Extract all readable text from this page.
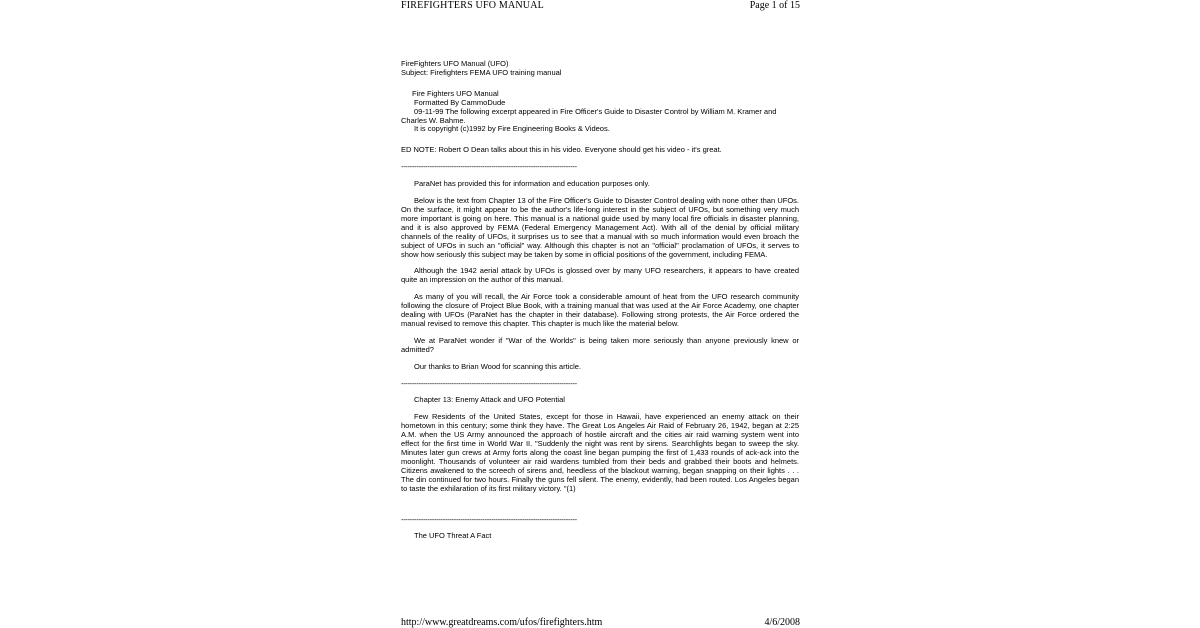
FIREFIGHTERS UFO MANUAL	Page 1 of 15

FireFighters UFO Manual (UFO)

Subject: Firefighters FEMA UFO training manual

Fire Fighters UFO Manual

Formatted By CammoDude

09-11-99 The following excerpt appeared in Fire Officer's Guide to Disaster Control by William M. Kramer and Charles W. Bahme.

It is copyright (c)1992 by Fire Engineering Books & Videos.

ED NOTE: Robert O Dean talks about this in his video. Everyone should get his video - it's great.

--------------------------------------------------------------------------------

ParaNet has provided this for information and education purposes only.

Below is the text from Chapter 13 of the Fire Officer's Guide to Disaster Control dealing with none other than UFOs. On the surface, it might appear to be the author's life-long interest in the subject of UFOs, but something very much more important is going on here. This manual is a national guide used by many local fire officials in disaster planning, and it is also approved by FEMA (Federal Emergency Management Act). With all of the denial by official military channels of the reality of UFOs, it surprises us to see that a manual with so much information would even broach the subject of UFOs in such an "official" way. Although this chapter is not an "official" proclamation of UFOs, it serves to show how seriously this subject may be taken by some in official positions of the government, including FEMA.

Although the 1942 aerial attack by UFOs is glossed over by many UFO researchers, it appears to have created quite an impression on the author of this manual.

As many of you will recall, the Air Force took a considerable amount of heat from the UFO research community following the closure of Project Blue Book, with a training manual that was used at the Air Force Academy, one chapter dealing with UFOs (ParaNet has the chapter in their database). Following strong protests, the Air Force ordered the manual revised to remove this chapter. This chapter is much like the material below.

We at ParaNet wonder if "War of the Worlds" is being taken more seriously than anyone previously knew or admitted?

Our thanks to Brian Wood for scanning this article.

--------------------------------------------------------------------------------

Chapter 13: Enemy Attack and UFO Potential

Few Residents of the United States, except for those in Hawaii, have experienced an enemy attack on their hometown in this century; some think they have. The Great Los Angeles Air Raid of February 26, 1942, began at 2:25 A.M. when the US Army announced the approach of hostile aircraft and the cities air raid warning system went into effect for the first time in World War II. "Suddenly the night was rent by sirens. Searchlights began to sweep the sky. Minutes later gun crews at Army forts along the coast line began pumping the first of 1,433 rounds of ack-ack into the moonlight. Thousands of volunteer air raid wardens tumbled from their beds and grabbed their boots and helmets. Citizens awakened to the screech of sirens and, heedless of the blackout warning, began snapping on their lights . . . The din continued for two hours. Finally the guns fell silent. The enemy, evidently, had been routed. Los Angeles began to taste the exhilaration of its first military victory. "(1)

--------------------------------------------------------------------------------

The UFO Threat A Fact

http://www.greatdreams.com/ufos/firefighters.htm	4/6/2008
